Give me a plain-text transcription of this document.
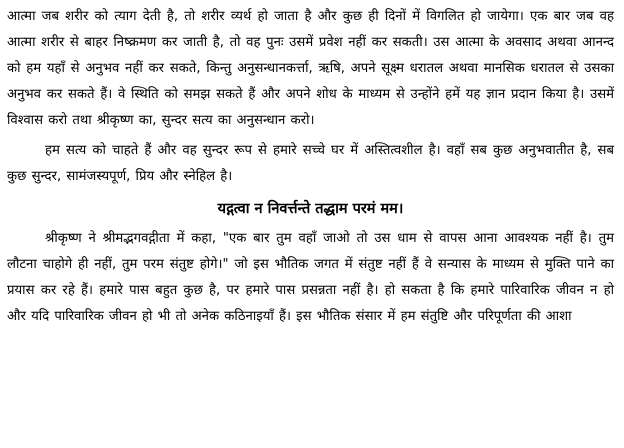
आत्मा जब शरीर को त्याग देती है, तो शरीर व्यर्थ हो जाता है और कुछ ही दिनों में विगलित हो जायेगा। एक बार जब वह आत्मा शरीर से बाहर निष्क्रमण कर जाती है, तो वह पुनः उसमें प्रवेश नहीं कर सकती। उस आत्मा के अवसाद अथवा आनन्द को हम यहाँ से अनुभव नहीं कर सकते, किन्तु अनुसन्धानकर्त्ता, ऋषि, अपने सूक्ष्म धरातल अथवा मानसिक धरातल से उसका अनुभव कर सकते हैं। वे स्थिति को समझ सकते हैं और अपने शोध के माध्यम से उन्होंने हमें यह ज्ञान प्रदान किया है। उसमें विश्वास करो तथा श्रीकृष्ण का, सुन्दर सत्य का अनुसन्धान करो।

हम सत्य को चाहते हैं और वह सुन्दर रूप से हमारे सच्चे घर में अस्तित्वशील है। वहाँ सब कुछ अनुभवातीत है, सब कुछ सुन्दर, सामंजस्यपूर्ण, प्रिय और स्नेहिल है।

यद्गत्वा न निवर्त्तन्ते तद्धाम परमं मम।

श्रीकृष्ण ने श्रीमद्भगवद्गीता में कहा, "एक बार तुम वहाँ जाओ तो उस धाम से वापस आना आवश्यक नहीं है। तुम लौटना चाहोगे ही नहीं, तुम परम संतुष्ट होगे।" जो इस भौतिक जगत में संतुष्ट नहीं हैं वे सन्यास के माध्यम से मुक्ति पाने का प्रयास कर रहे हैं। हमारे पास बहुत कुछ है, पर हमारे पास प्रसन्नता नहीं है। हो सकता है कि हमारे पारिवारिक जीवन न हो और यदि पारिवारिक जीवन हो भी तो अनेक कठिनाइयाँ हैं। इस भौतिक संसार में हम संतुष्टि और परिपूर्णता की आशा
